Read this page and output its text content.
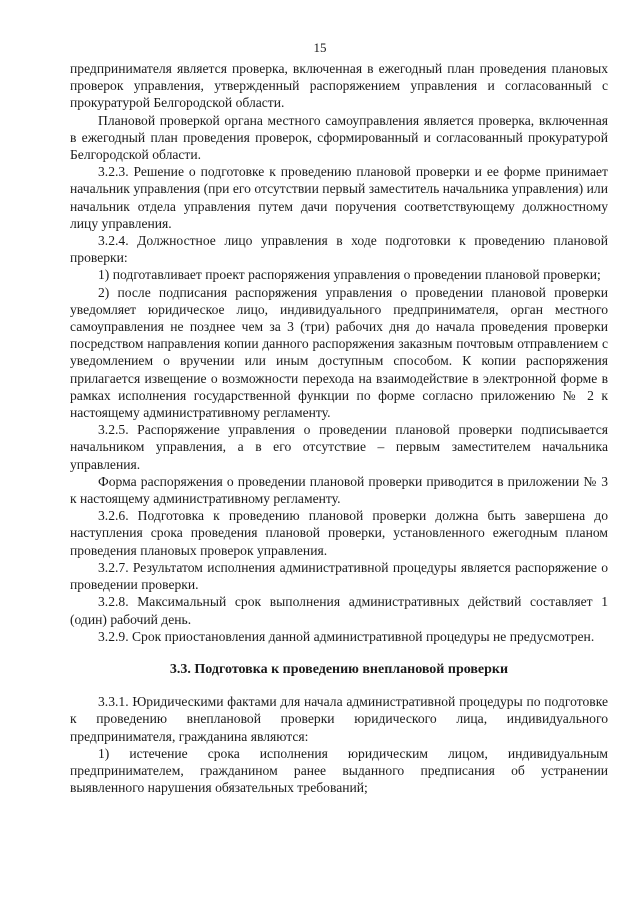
15

предпринимателя является проверка, включенная в ежегодный план проведения плановых проверок управления, утвержденный распоряжением управления и согласованный с прокуратурой Белгородской области.

Плановой проверкой органа местного самоуправления является проверка, включенная в ежегодный план проведения проверок, сформированный и согласованный прокуратурой Белгородской области.

3.2.3. Решение о подготовке к проведению плановой проверки и ее форме принимает начальник управления (при его отсутствии первый заместитель начальника управления) или начальник отдела управления путем дачи поручения соответствующему должностному лицу управления.

3.2.4. Должностное лицо управления в ходе подготовки к проведению плановой проверки:

1) подготавливает проект распоряжения управления о проведении плановой проверки;

2) после подписания распоряжения управления о проведении плановой проверки уведомляет юридическое лицо, индивидуального предпринимателя, орган местного самоуправления не позднее чем за 3 (три) рабочих дня до начала проведения проверки посредством направления копии данного распоряжения заказным почтовым отправлением с уведомлением о вручении или иным доступным способом. К копии распоряжения прилагается извещение о возможности перехода на взаимодействие в электронной форме в рамках исполнения государственной функции по форме согласно приложению № 2 к настоящему административному регламенту.

3.2.5. Распоряжение управления о проведении плановой проверки подписывается начальником управления, а в его отсутствие – первым заместителем начальника управления.

Форма распоряжения о проведении плановой проверки приводится в приложении № 3 к настоящему административному регламенту.

3.2.6. Подготовка к проведению плановой проверки должна быть завершена до наступления срока проведения плановой проверки, установленного ежегодным планом проведения плановых проверок управления.

3.2.7. Результатом исполнения административной процедуры является распоряжение о проведении проверки.

3.2.8. Максимальный срок выполнения административных действий составляет 1 (один) рабочий день.

3.2.9. Срок приостановления данной административной процедуры не предусмотрен.

3.3. Подготовка к проведению внеплановой проверки

3.3.1. Юридическими фактами для начала административной процедуры по подготовке к проведению внеплановой проверки юридического лица, индивидуального предпринимателя, гражданина являются:

1) истечение срока исполнения юридическим лицом, индивидуальным предпринимателем, гражданином ранее выданного предписания об устранении выявленного нарушения обязательных требований;
